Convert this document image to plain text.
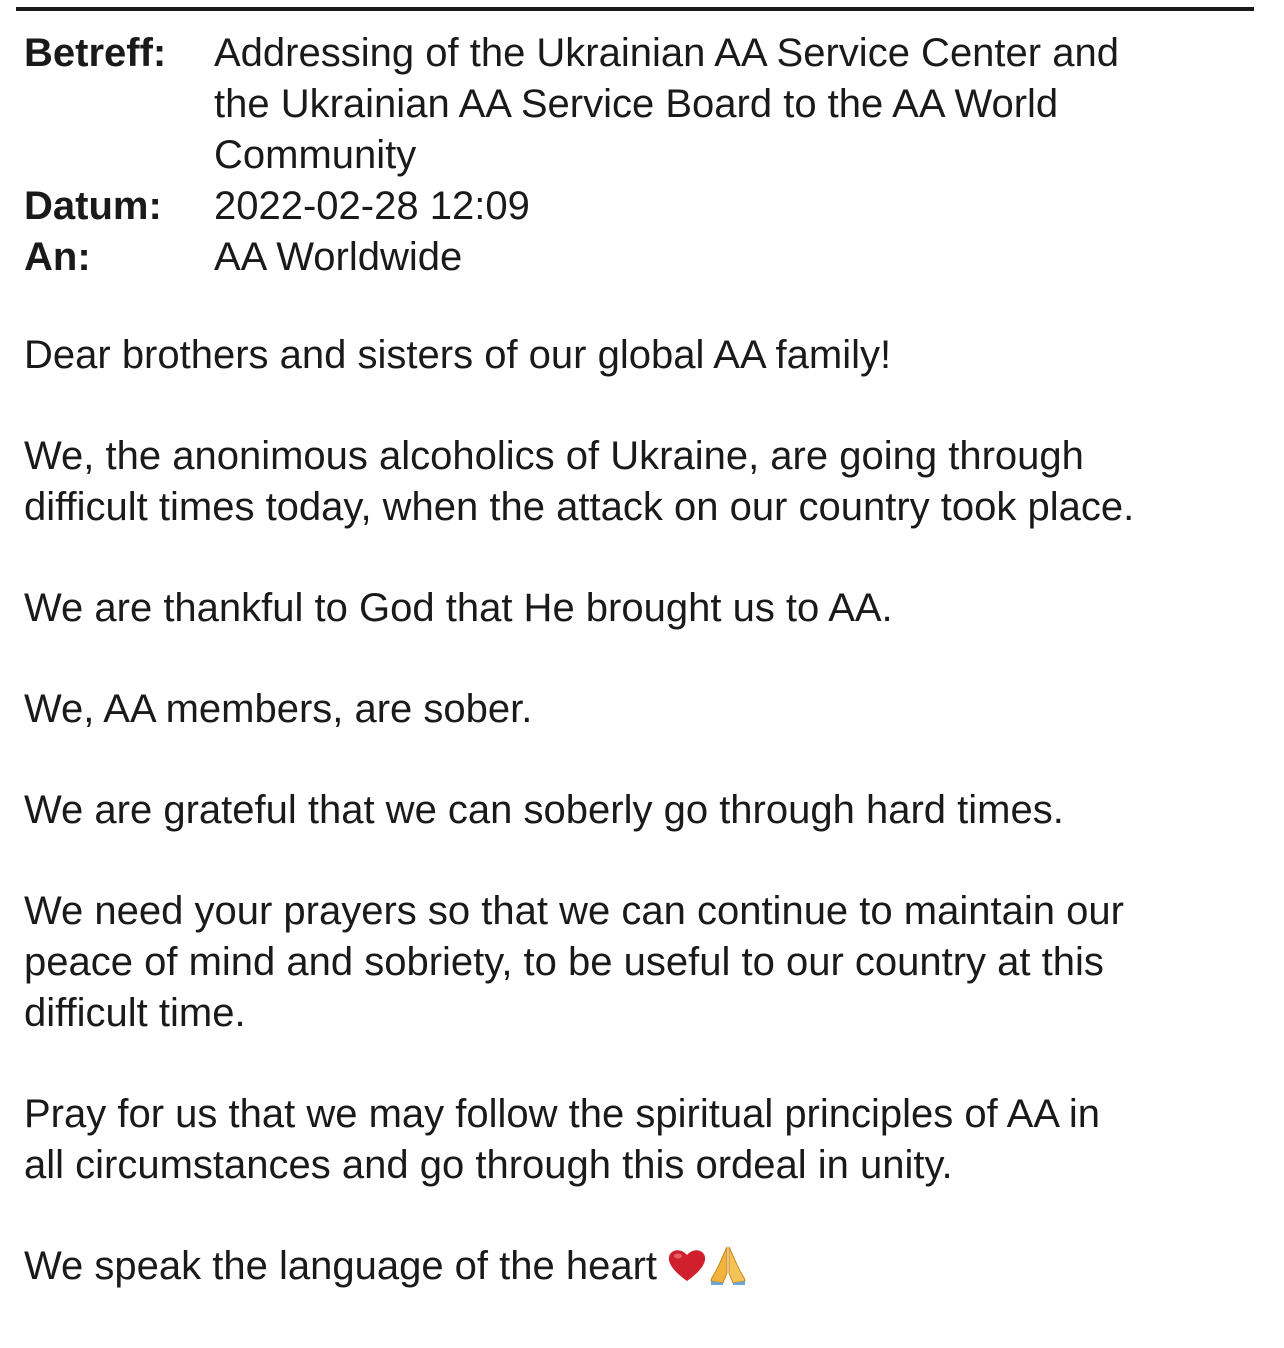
Betreff:	Addressing of the Ukrainian AA Service Center and
the Ukrainian AA Service Board to the AA World
Community
Datum:	2022-02-28 12:09
An:	AA Worldwide

Dear brothers and sisters of our global AA family!

We, the anonimous alcoholics of Ukraine, are going through
difficult times today, when the attack on our country took place.

We are thankful to God that He brought us to AA.

We, AA members, are sober.

We are grateful that we can soberly go through hard times.

We need your prayers so that we can continue to maintain our
peace of mind and sobriety, to be useful to our country at this
difficult time.

Pray for us that we may follow the spiritual principles of AA in
all circumstances and go through this ordeal in unity.

We speak the language of the heart
